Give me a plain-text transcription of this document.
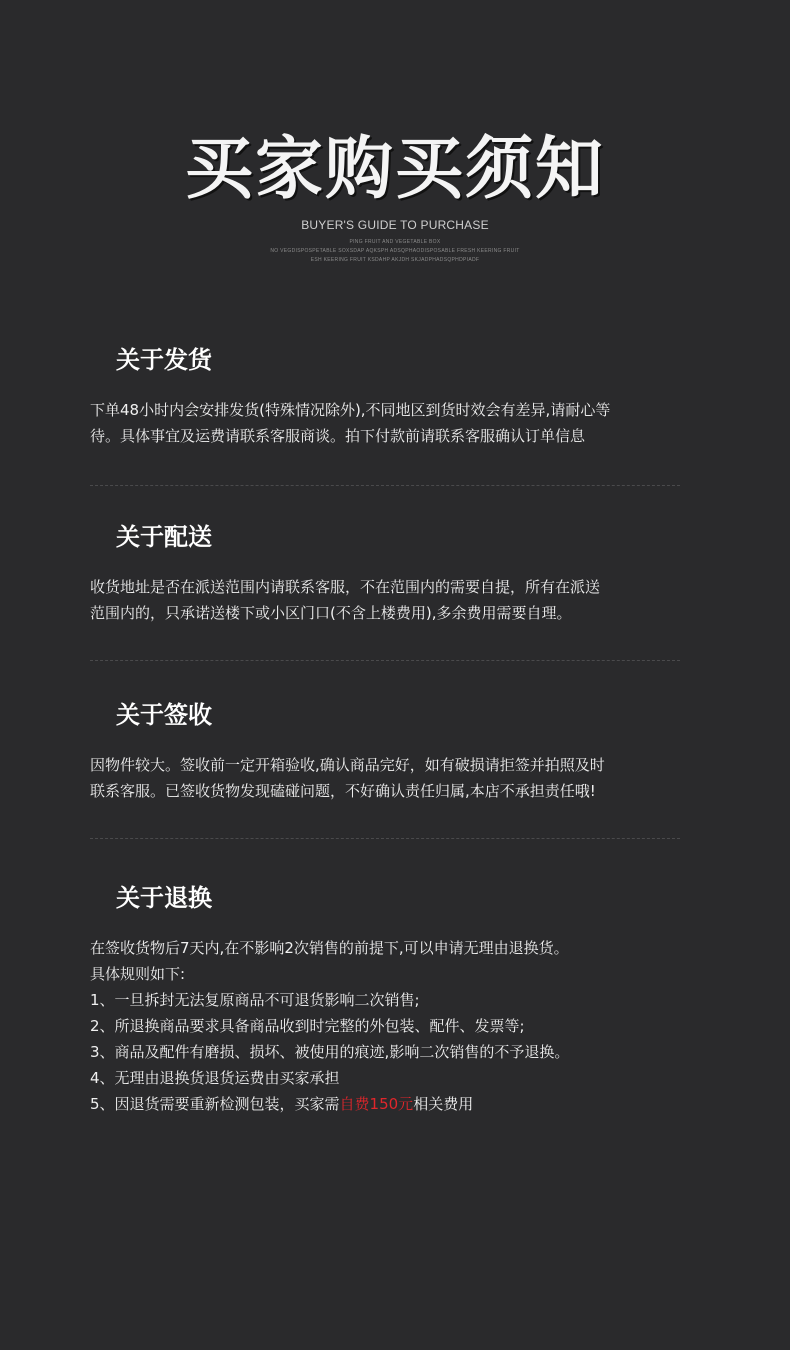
买家购买须知
BUYER'S GUIDE TO PURCHASE
PING FRUIT AND VEGETABLE BOX
NO VEGDISPOSPETABLE SOXSDAP AQKSPH ADSQPHAODISPOSABLE FRESH KEERING FRUIT
ESH KEERING FRUIT KSDAHP AKJDH SKJADPHADSQPHDPIADF
关于发货

下单48小时内会安排发货(特殊情况除外),不同地区到货时效会有差异,请耐心等

待。具体事宜及运费请联系客服商谈。拍下付款前请联系客服确认订单信息

关于配送

收货地址是否在派送范围内请联系客服，不在范围内的需要自提，所有在派送

范围内的，只承诺送楼下或小区门口(不含上楼费用),多余费用需要自理。

关于签收

因物件较大。签收前一定开箱验收,确认商品完好，如有破损请拒签并拍照及时

联系客服。已签收货物发现磕碰问题，不好确认责任归属,本店不承担责任哦!

关于退换

在签收货物后7天内,在不影响2次销售的前提下,可以申请无理由退换货。

具体规则如下:

1、一旦拆封无法复原商品不可退货影响二次销售;

2、所退换商品要求具备商品收到时完整的外包装、配件、发票等;

3、商品及配件有磨损、损坏、被使用的痕迹,影响二次销售的不予退换。

4、无理由退换货退货运费由买家承担

5、因退货需要重新检测包装，买家需自费150元相关费用
